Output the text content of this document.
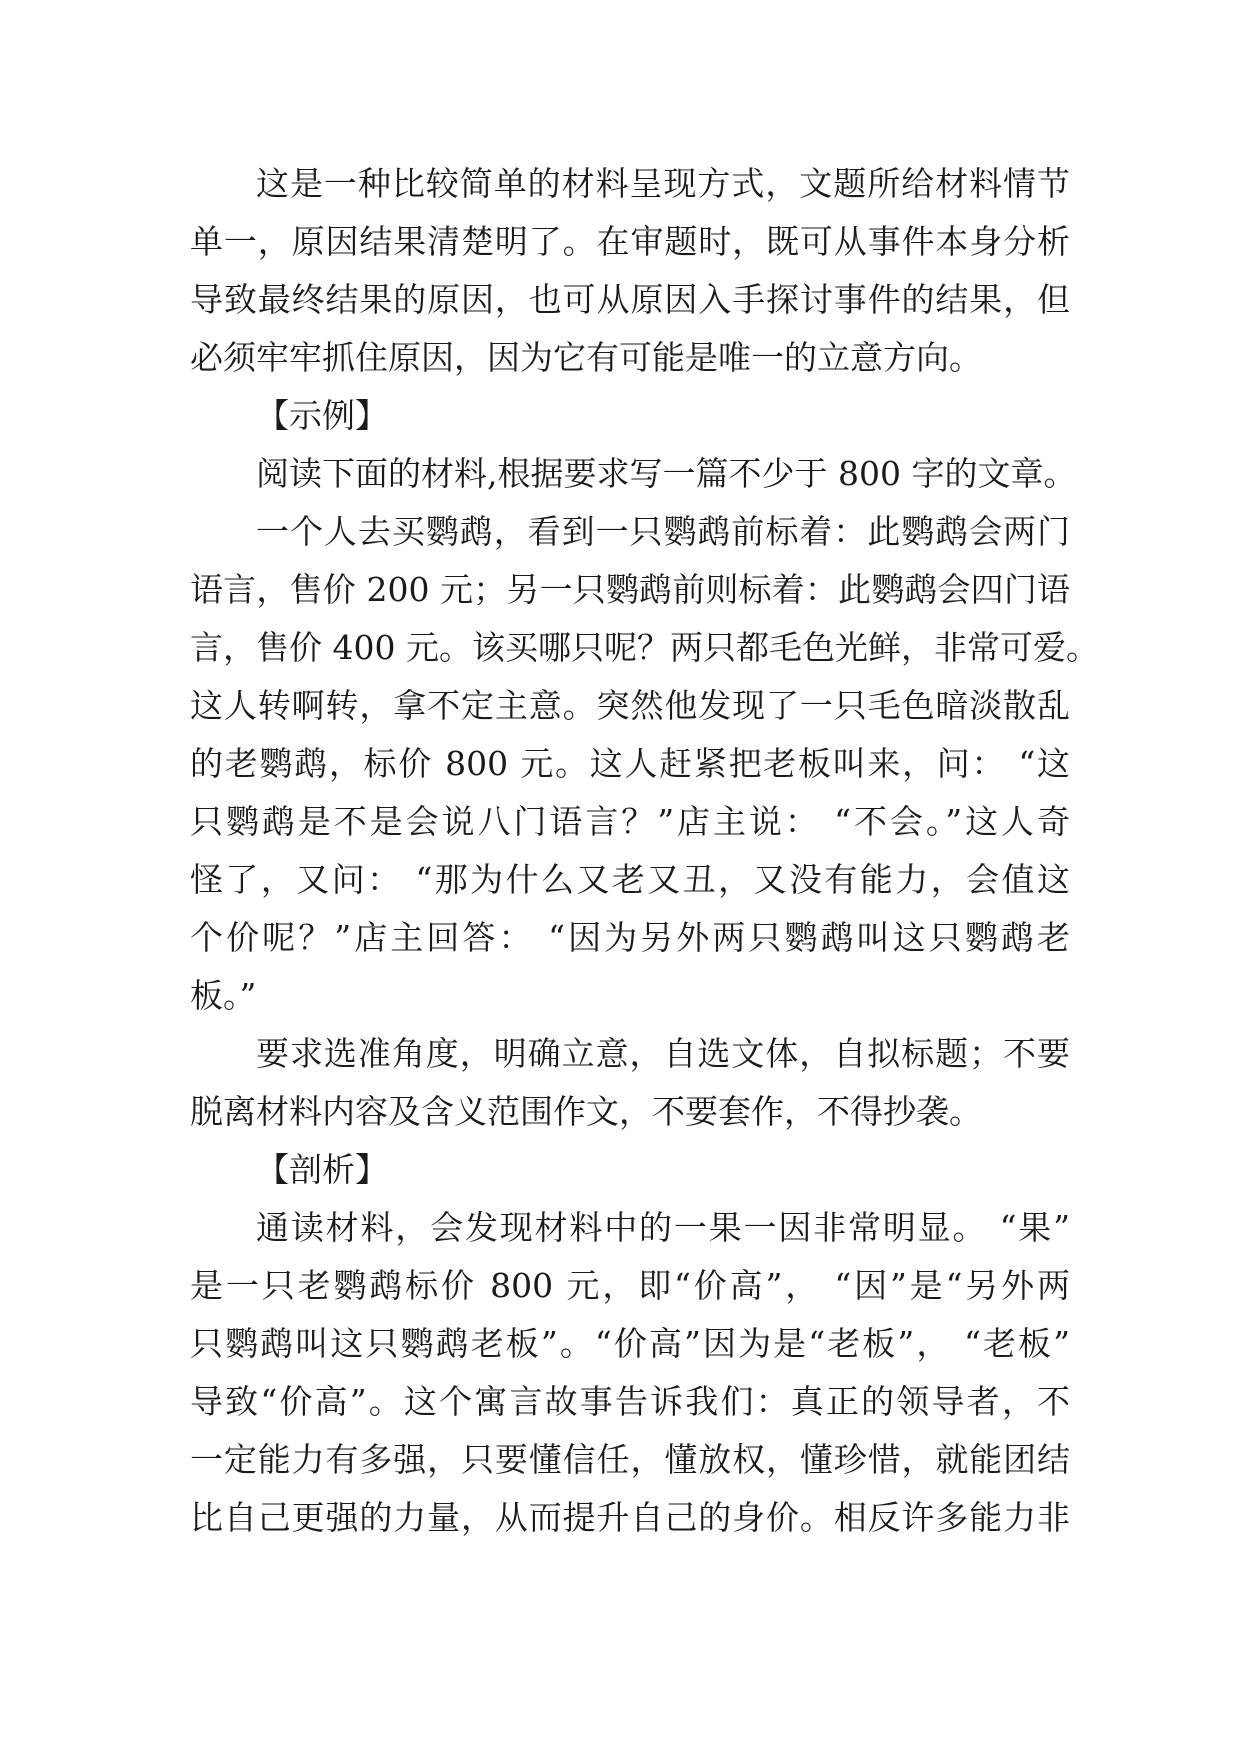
这是一种比较简单的材料呈现方式，文题所给材料情节
单一，原因结果清楚明了。在审题时，既可从事件本身分析
导致最终结果的原因，也可从原因入手探讨事件的结果，但
必须牢牢抓住原因，因为它有可能是唯一的立意方向。
【示例】
阅读下面的材料,根据要求写一篇不少于 800 字的文章。
一个人去买鹦鹉，看到一只鹦鹉前标着：此鹦鹉会两门
语言，售价 200 元；另一只鹦鹉前则标着：此鹦鹉会四门语
言，售价 400 元。该买哪只呢？两只都毛色光鲜，非常可爱。
这人转啊转，拿不定主意。突然他发现了一只毛色暗淡散乱
的老鹦鹉，标价 800 元。这人赶紧把老板叫来，问： “这
只鹦鹉是不是会说八门语言？”店主说： “不会。”这人奇
怪了，又问： “那为什么又老又丑，又没有能力，会值这
个价呢？”店主回答： “因为另外两只鹦鹉叫这只鹦鹉老
板。”
要求选准角度，明确立意，自选文体，自拟标题；不要
脱离材料内容及含义范围作文，不要套作，不得抄袭。
【剖析】
通读材料，会发现材料中的一果一因非常明显。 “果”
是一只老鹦鹉标价 800 元，即“价高”， “因”是“另外两
只鹦鹉叫这只鹦鹉老板”。“价高”因为是“老板”， “老板”
导致“价高”。这个寓言故事告诉我们：真正的领导者，不
一定能力有多强，只要懂信任，懂放权，懂珍惜，就能团结
比自己更强的力量，从而提升自己的身价。相反许多能力非
